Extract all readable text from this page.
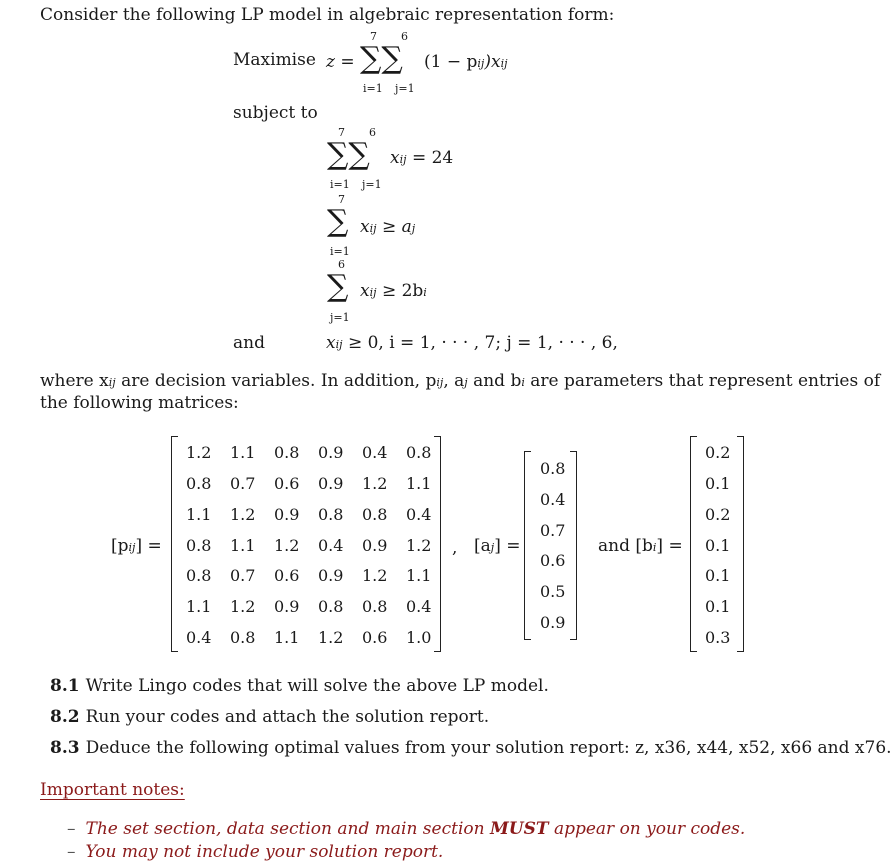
Consider the following LP model in algebraic representation form:
Maximise z =
7 6
∑∑
i=1 j=1
(1 − pij)xij
subject to
7 6
∑∑
i=1 j=1
xij = 24
7
∑
i=1
xij ≥ aj
6
∑
j=1
xij ≥ 2bi
and	xij ≥ 0, i = 1, · · · , 7; j = 1, · · · , 6,
where xij are decision variables. In addition, pij, aj and bi are parameters that represent entries of
the following matrices:
[pij] =
1.2 1.1 0.8 0.9 0.4 0.8
0.8 0.7 0.6 0.9 1.2 1.1
1.1 1.2 0.9 0.8 0.8 0.4
0.8 1.1 1.2 0.4 0.9 1.2
0.8 0.7 0.6 0.9 1.2 1.1
1.1 1.2 0.9 0.8 0.8 0.4
0.4 0.8 1.1 1.2 0.6 1.0
, [aj] =
0.8
0.4
0.7
0.6
0.5
0.9
and [bi] =
0.2
0.1
0.2
0.1
0.1
0.1
0.3
8.1 Write Lingo codes that will solve the above LP model.
8.2 Run your codes and attach the solution report.
8.3 Deduce the following optimal values from your solution report: z, x36, x44, x52, x66 and x76.
Important notes:
– The set section, data section and main section MUST appear on your codes.
– You may not include your solution report.
